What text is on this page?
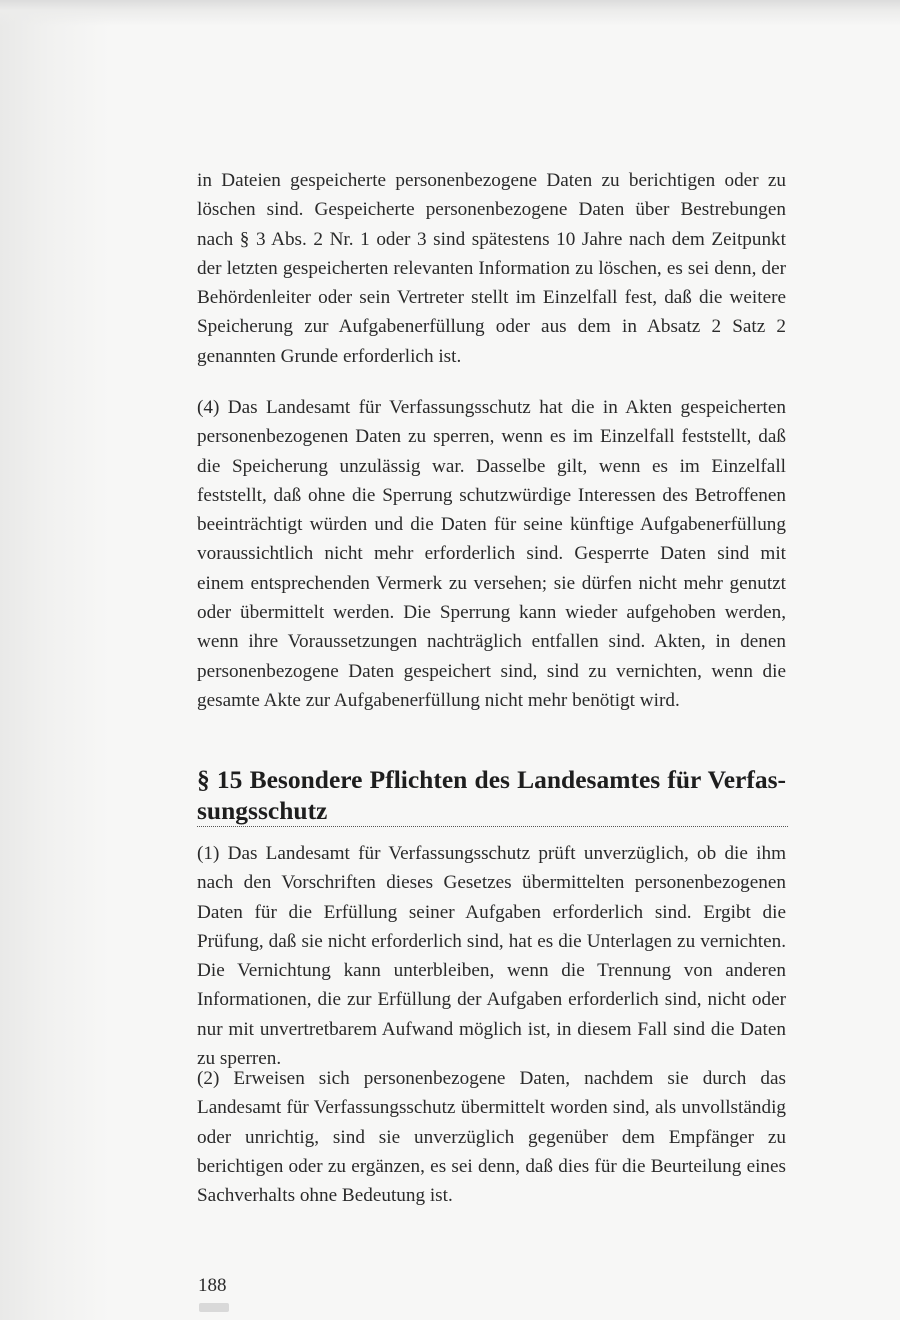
in Dateien gespeicherte personenbezogene Daten zu berichtigen oder zu löschen sind. Gespeicherte personenbezogene Daten über Bestrebungen nach § 3 Abs. 2 Nr. 1 oder 3 sind spätestens 10 Jahre nach dem Zeitpunkt der letzten gespeicherten relevanten Information zu löschen, es sei denn, der Behördenleiter oder sein Vertreter stellt im Einzelfall fest, daß die weitere Speicherung zur Aufgabenerfüllung oder aus dem in Absatz 2 Satz 2 genannten Grunde erforderlich ist.

(4) Das Landesamt für Verfassungsschutz hat die in Akten gespeicherten personenbezogenen Daten zu sperren, wenn es im Einzelfall feststellt, daß die Speicherung unzulässig war. Dasselbe gilt, wenn es im Einzelfall feststellt, daß ohne die Sperrung schutzwürdige Interessen des Betroffenen beeinträchtigt würden und die Daten für seine künftige Aufgabenerfüllung voraussichtlich nicht mehr erforderlich sind. Gesperrte Daten sind mit einem entsprechenden Vermerk zu versehen; sie dürfen nicht mehr genutzt oder übermittelt werden. Die Sperrung kann wieder aufgehoben werden, wenn ihre Voraussetzungen nachträglich entfallen sind. Akten, in denen personenbezogene Daten gespeichert sind, sind zu vernichten, wenn die gesamte Akte zur Aufgabenerfüllung nicht mehr benötigt wird.

§ 15 Besondere Pflichten des Landesamtes für Verfassungsschutz

(1) Das Landesamt für Verfassungsschutz prüft unverzüglich, ob die ihm nach den Vorschriften dieses Gesetzes übermittelten personenbezogenen Daten für die Erfüllung seiner Aufgaben erforderlich sind. Ergibt die Prüfung, daß sie nicht erforderlich sind, hat es die Unterlagen zu vernichten. Die Vernichtung kann unterbleiben, wenn die Trennung von anderen Informationen, die zur Erfüllung der Aufgaben erforderlich sind, nicht oder nur mit unvertretbarem Aufwand möglich ist, in diesem Fall sind die Daten zu sperren.

(2) Erweisen sich personenbezogene Daten, nachdem sie durch das Landesamt für Verfassungsschutz übermittelt worden sind, als unvollständig oder unrichtig, sind sie unverzüglich gegenüber dem Empfänger zu berichtigen oder zu ergänzen, es sei denn, daß dies für die Beurteilung eines Sachverhalts ohne Bedeutung ist.

188
